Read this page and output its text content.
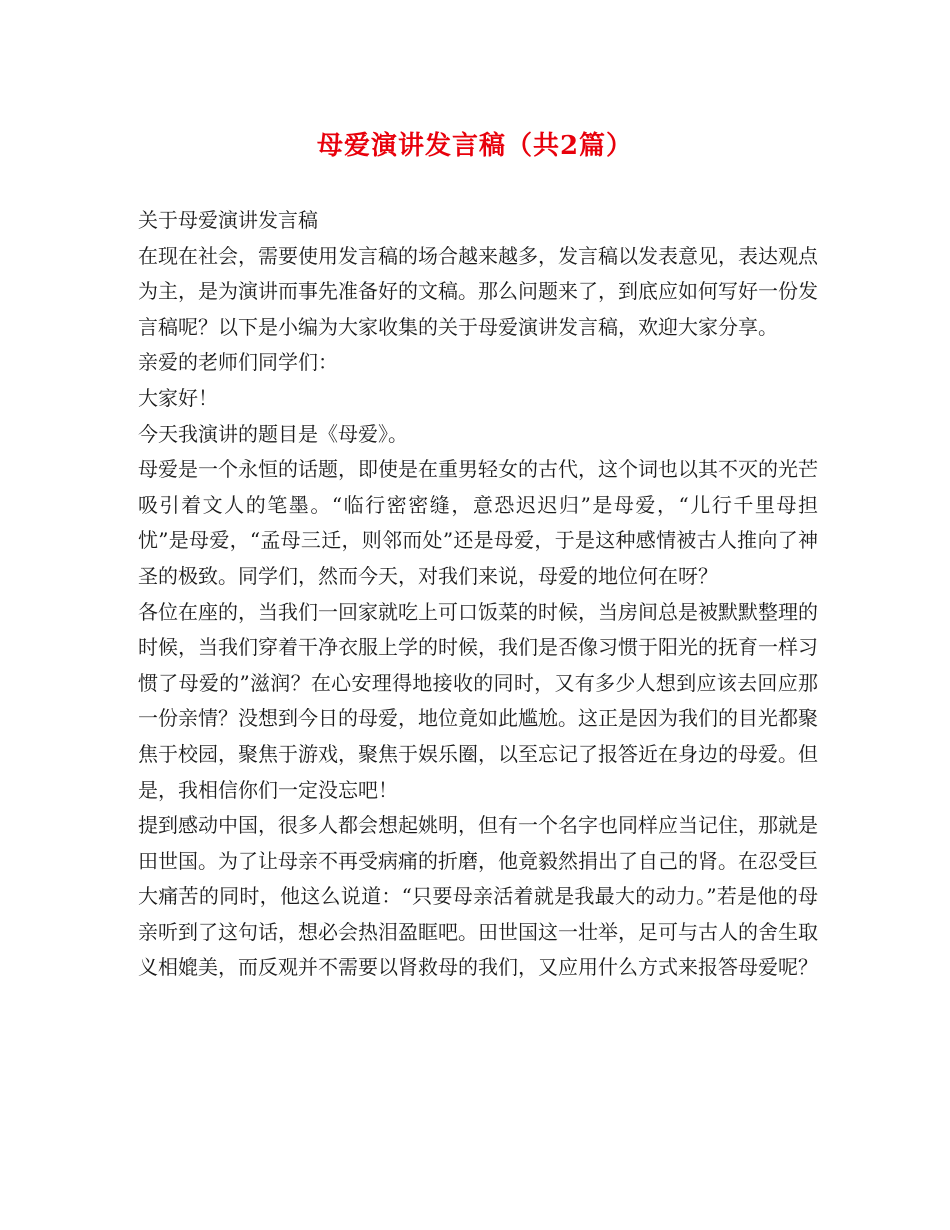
母爱演讲发言稿（共2篇）

关于母爱演讲发言稿

在现在社会，需要使用发言稿的场合越来越多，发言稿以发表意见，表达观点为主，是为演讲而事先准备好的文稿。那么问题来了，到底应如何写好一份发言稿呢？以下是小编为大家收集的关于母爱演讲发言稿，欢迎大家分享。

亲爱的老师们同学们：

大家好！

今天我演讲的题目是《母爱》。

母爱是一个永恒的话题，即使是在重男轻女的古代，这个词也以其不灭的光芒吸引着文人的笔墨。“临行密密缝，意恐迟迟归”是母爱，“儿行千里母担忧”是母爱，“孟母三迁，则邻而处”还是母爱，于是这种感情被古人推向了神圣的极致。同学们，然而今天，对我们来说，母爱的地位何在呀？

各位在座的，当我们一回家就吃上可口饭菜的时候，当房间总是被默默整理的时候，当我们穿着干净衣服上学的时候，我们是否像习惯于阳光的抚育一样习惯了母爱的”滋润？在心安理得地接收的同时，又有多少人想到应该去回应那一份亲情？没想到今日的母爱，地位竟如此尴尬。这正是因为我们的目光都聚焦于校园，聚焦于游戏，聚焦于娱乐圈，以至忘记了报答近在身边的母爱。但是，我相信你们一定没忘吧！

提到感动中国，很多人都会想起姚明，但有一个名字也同样应当记住，那就是田世国。为了让母亲不再受病痛的折磨，他竟毅然捐出了自己的肾。在忍受巨大痛苦的同时，他这么说道：“只要母亲活着就是我最大的动力。”若是他的母亲听到了这句话，想必会热泪盈眶吧。田世国这一壮举，足可与古人的舍生取义相媲美，而反观并不需要以肾救母的我们，又应用什么方式来报答母爱呢？
